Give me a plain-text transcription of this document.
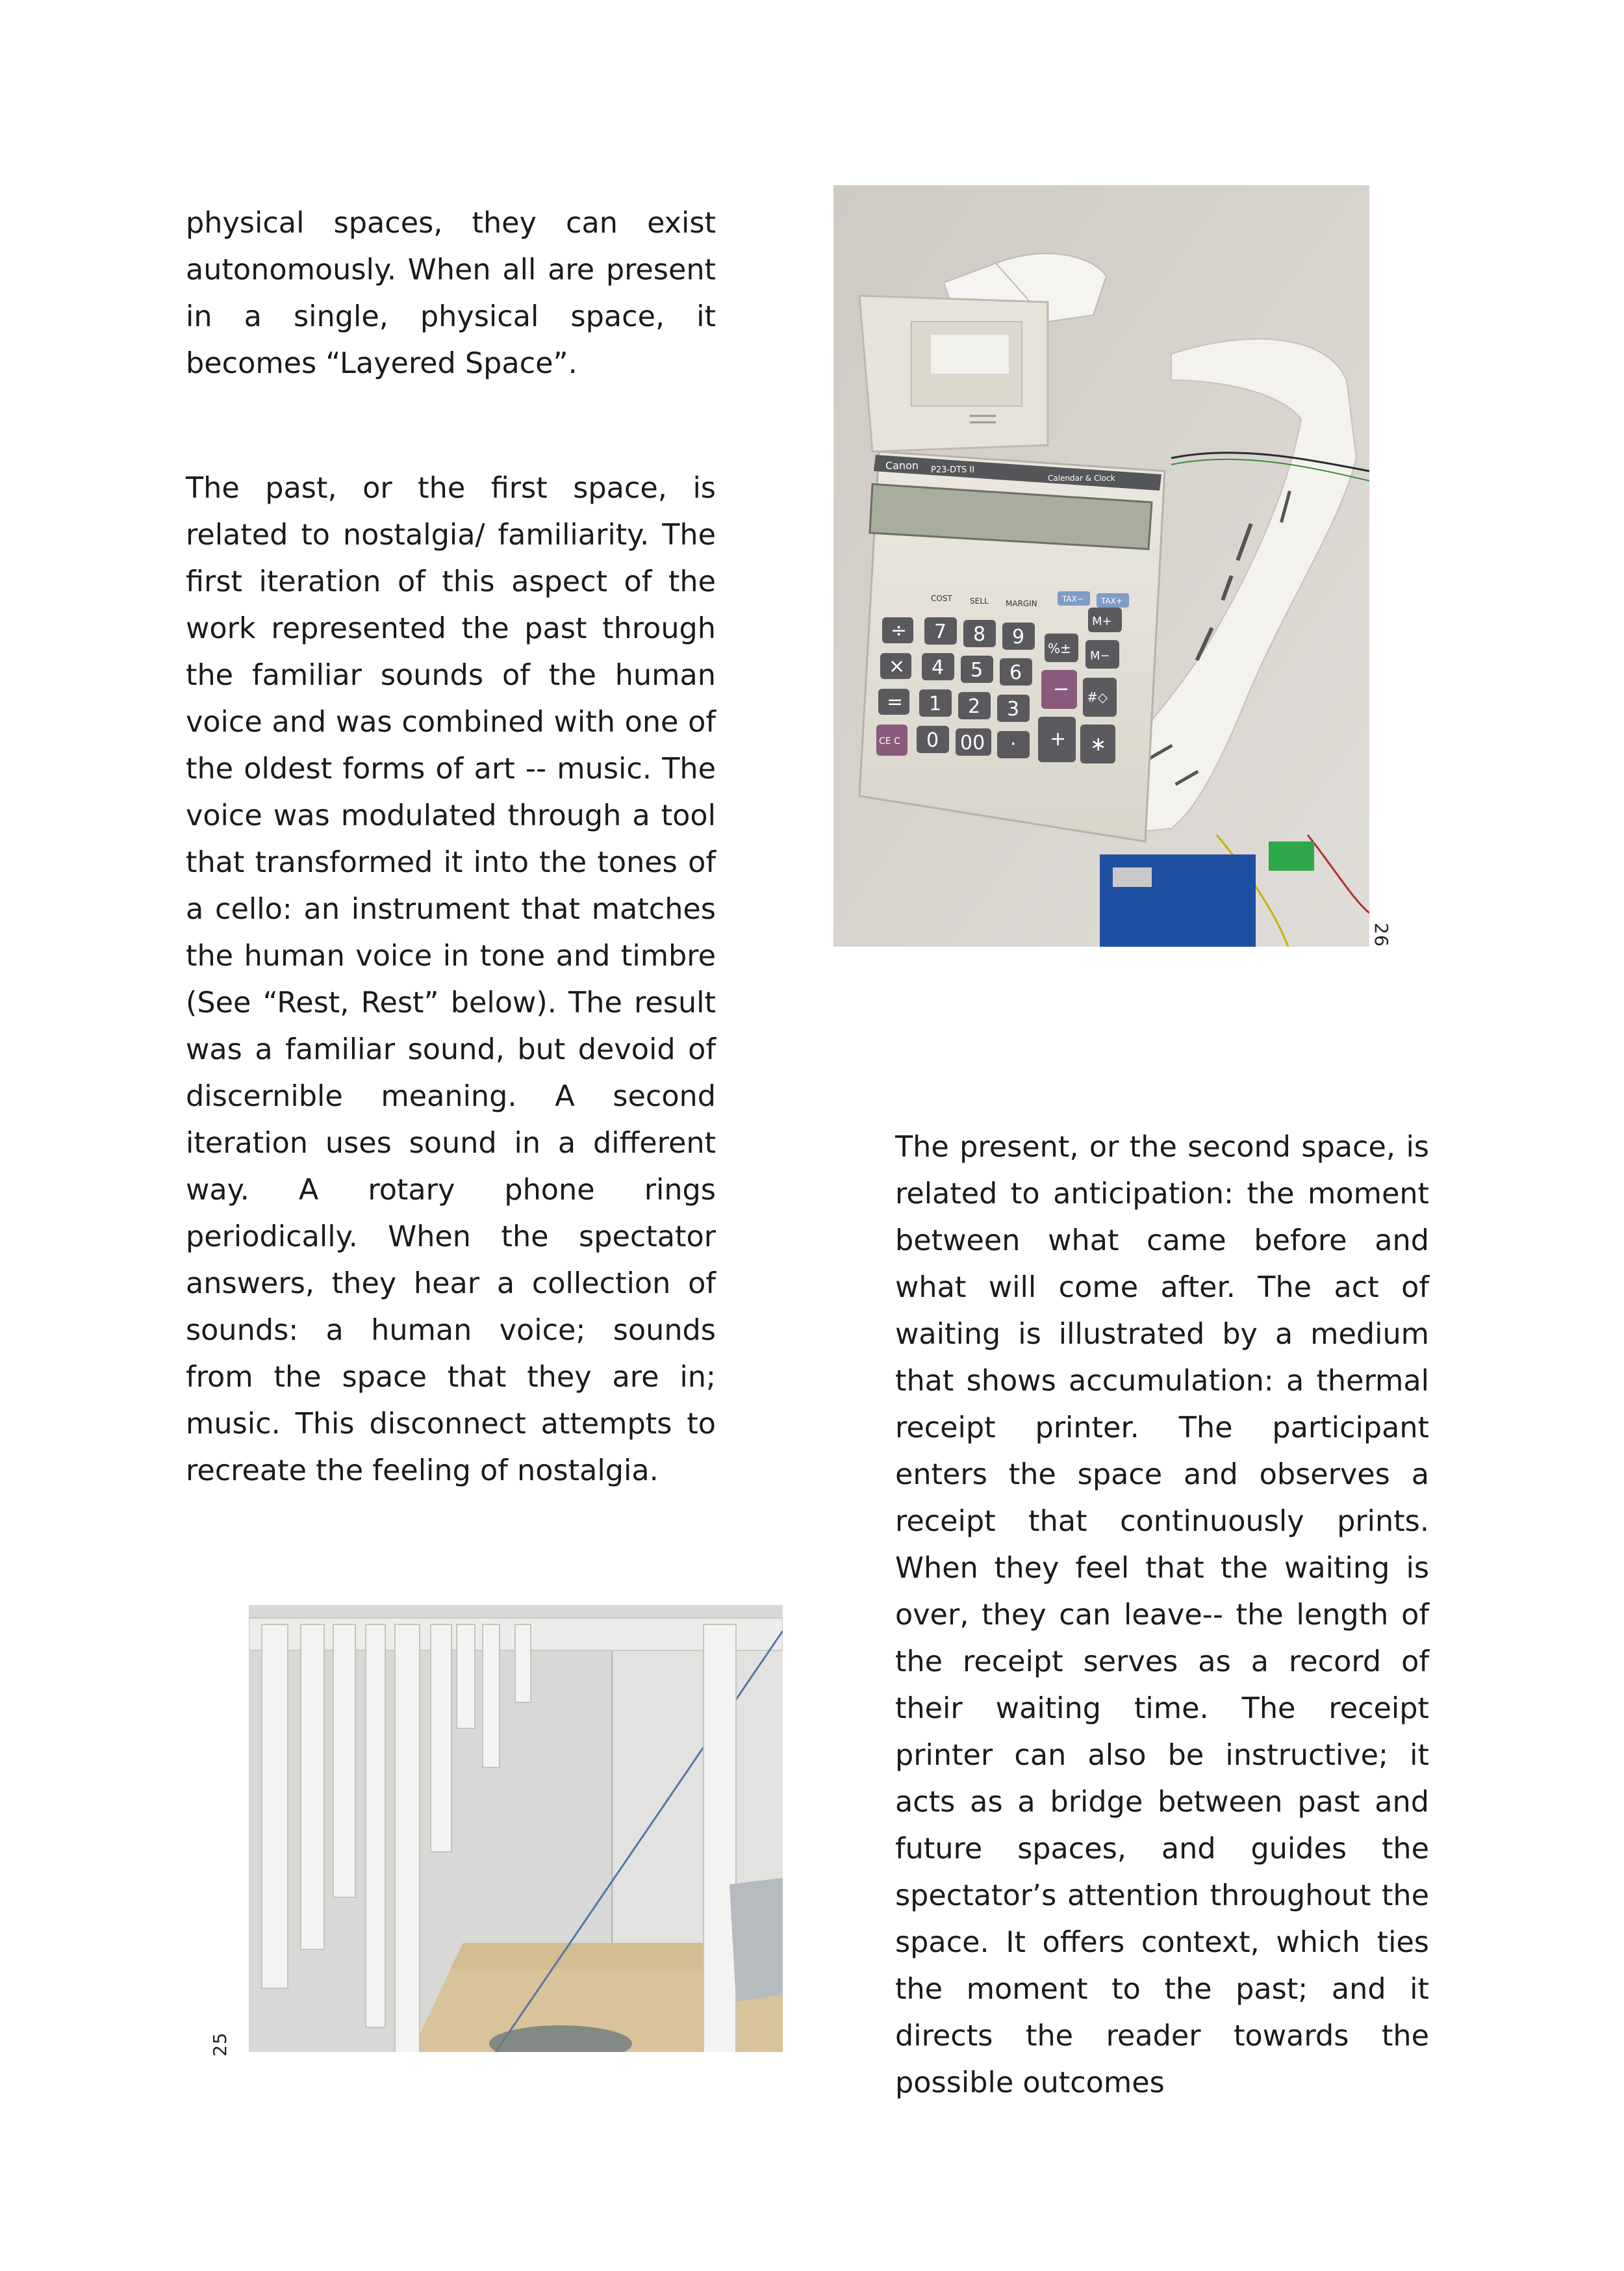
physical spaces, they can exist autonomously. When all are present in a single, physical space, it becomes “Layered Space”.

The past, or the first space, is related to nostalgia/ familiarity. The first iteration of this aspect of the work represented the past through the familiar sounds of the human voice and was combined with one of the oldest forms of art -- music. The voice was modulated through a tool that transformed it into the tones of a cello: an instrument that matches the human voice in tone and timbre (See “Rest, Rest” below). The result was a familiar sound, but devoid of discernible meaning. A second iteration uses sound in a different way. A rotary phone rings periodically. When the spectator answers, they hear a collection of sounds: a human voice; sounds from the space that they are in; music. This disconnect attempts to recreate the feeling of nostalgia.

The present, or the second space, is related to anticipation: the moment between what came before and what will come after. The act of waiting is illustrated by a medium that shows accumulation: a thermal receipt printer. The participant enters the space and observes a receipt that continuously prints. When they feel that the waiting is over, they can leave-- the length of the receipt serves as a record of their waiting time. The receipt printer can also be instructive; it acts as a bridge between past and future spaces, and guides the spectator’s attention throughout the space. It offers context, which ties the moment to the past; and it directs the reader towards the possible outcomes

Canon P23-DTS II
Calendar & Clock
COST SELL MARGIN	TAX− TAX+
7 8 9
4 5 6
1 2 3
0 00 ·
÷
×
=
CE C
%±
−
+
M+
M−
#◇
∗
26
25
